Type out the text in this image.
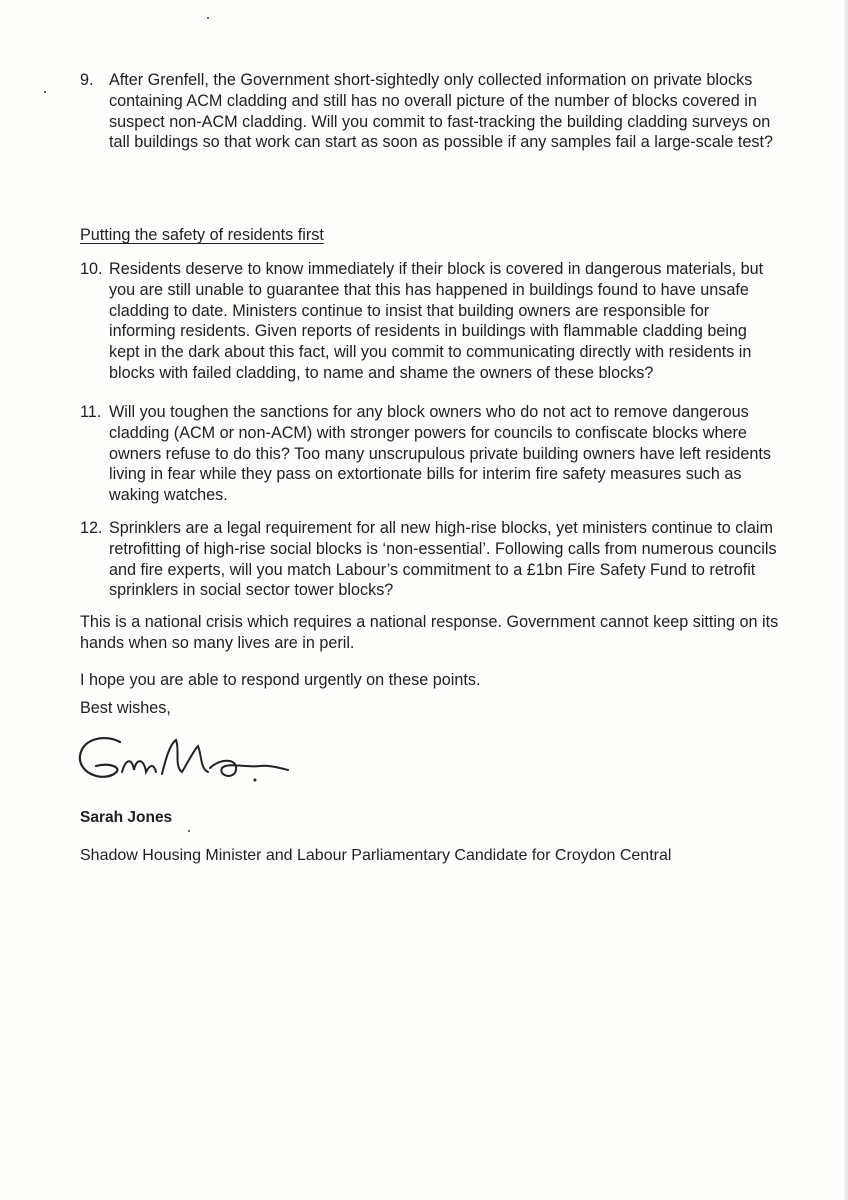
9. After Grenfell, the Government short-sightedly only collected information on private blocks containing ACM cladding and still has no overall picture of the number of blocks covered in suspect non-ACM cladding. Will you commit to fast-tracking the building cladding surveys on tall buildings so that work can start as soon as possible if any samples fail a large-scale test?
Putting the safety of residents first
10. Residents deserve to know immediately if their block is covered in dangerous materials, but you are still unable to guarantee that this has happened in buildings found to have unsafe cladding to date. Ministers continue to insist that building owners are responsible for informing residents. Given reports of residents in buildings with flammable cladding being kept in the dark about this fact, will you commit to communicating directly with residents in blocks with failed cladding, to name and shame the owners of these blocks?
11. Will you toughen the sanctions for any block owners who do not act to remove dangerous cladding (ACM or non-ACM) with stronger powers for councils to confiscate blocks where owners refuse to do this? Too many unscrupulous private building owners have left residents living in fear while they pass on extortionate bills for interim fire safety measures such as waking watches.
12. Sprinklers are a legal requirement for all new high-rise blocks, yet ministers continue to claim retrofitting of high-rise social blocks is ‘non-essential’. Following calls from numerous councils and fire experts, will you match Labour’s commitment to a £1bn Fire Safety Fund to retrofit sprinklers in social sector tower blocks?
This is a national crisis which requires a national response. Government cannot keep sitting on its hands when so many lives are in peril.
I hope you are able to respond urgently on these points.
Best wishes,
Sarah Jones
Shadow Housing Minister and Labour Parliamentary Candidate for Croydon Central
